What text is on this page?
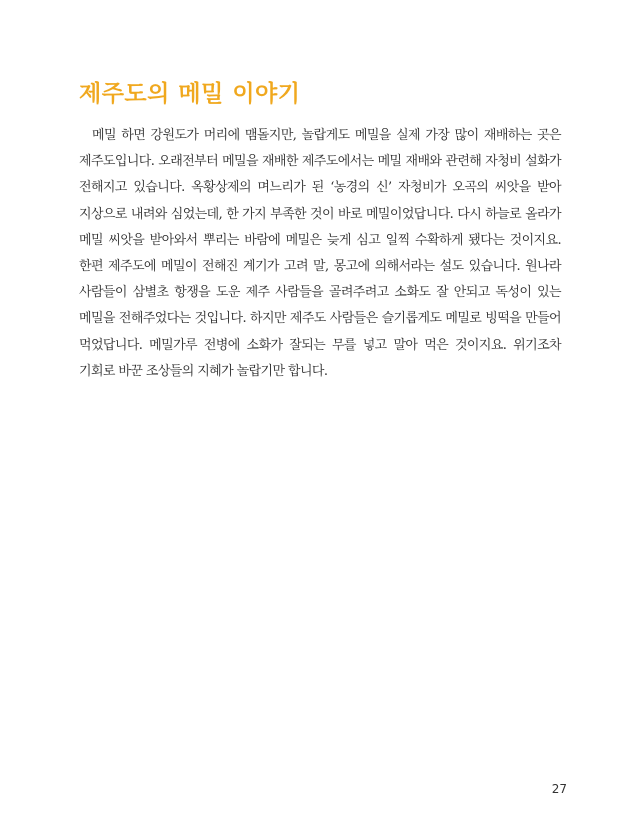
제주도의 메밀 이야기

메밀 하면 강원도가 머리에 맴돌지만, 놀랍게도 메밀을 실제 가장 많이 재배하는 곳은 제주도입니다. 오래전부터 메밀을 재배한 제주도에서는 메밀 재배와 관련해 자청비 설화가 전해지고 있습니다. 옥황상제의 며느리가 된 ‘농경의 신’ 자청비가 오곡의 씨앗을 받아 지상으로 내려와 심었는데, 한 가지 부족한 것이 바로 메밀이었답니다. 다시 하늘로 올라가 메밀 씨앗을 받아와서 뿌리는 바람에 메밀은 늦게 심고 일찍 수확하게 됐다는 것이지요. 한편 제주도에 메밀이 전해진 계기가 고려 말, 몽고에 의해서라는 설도 있습니다. 원나라 사람들이 삼별초 항쟁을 도운 제주 사람들을 골려주려고 소화도 잘 안되고 독성이 있는 메밀을 전해주었다는 것입니다. 하지만 제주도 사람들은 슬기롭게도 메밀로 빙떡을 만들어 먹었답니다. 메밀가루 전병에 소화가 잘되는 무를 넣고 말아 먹은 것이지요. 위기조차 기회로 바꾼 조상들의 지혜가 놀랍기만 합니다.

27
